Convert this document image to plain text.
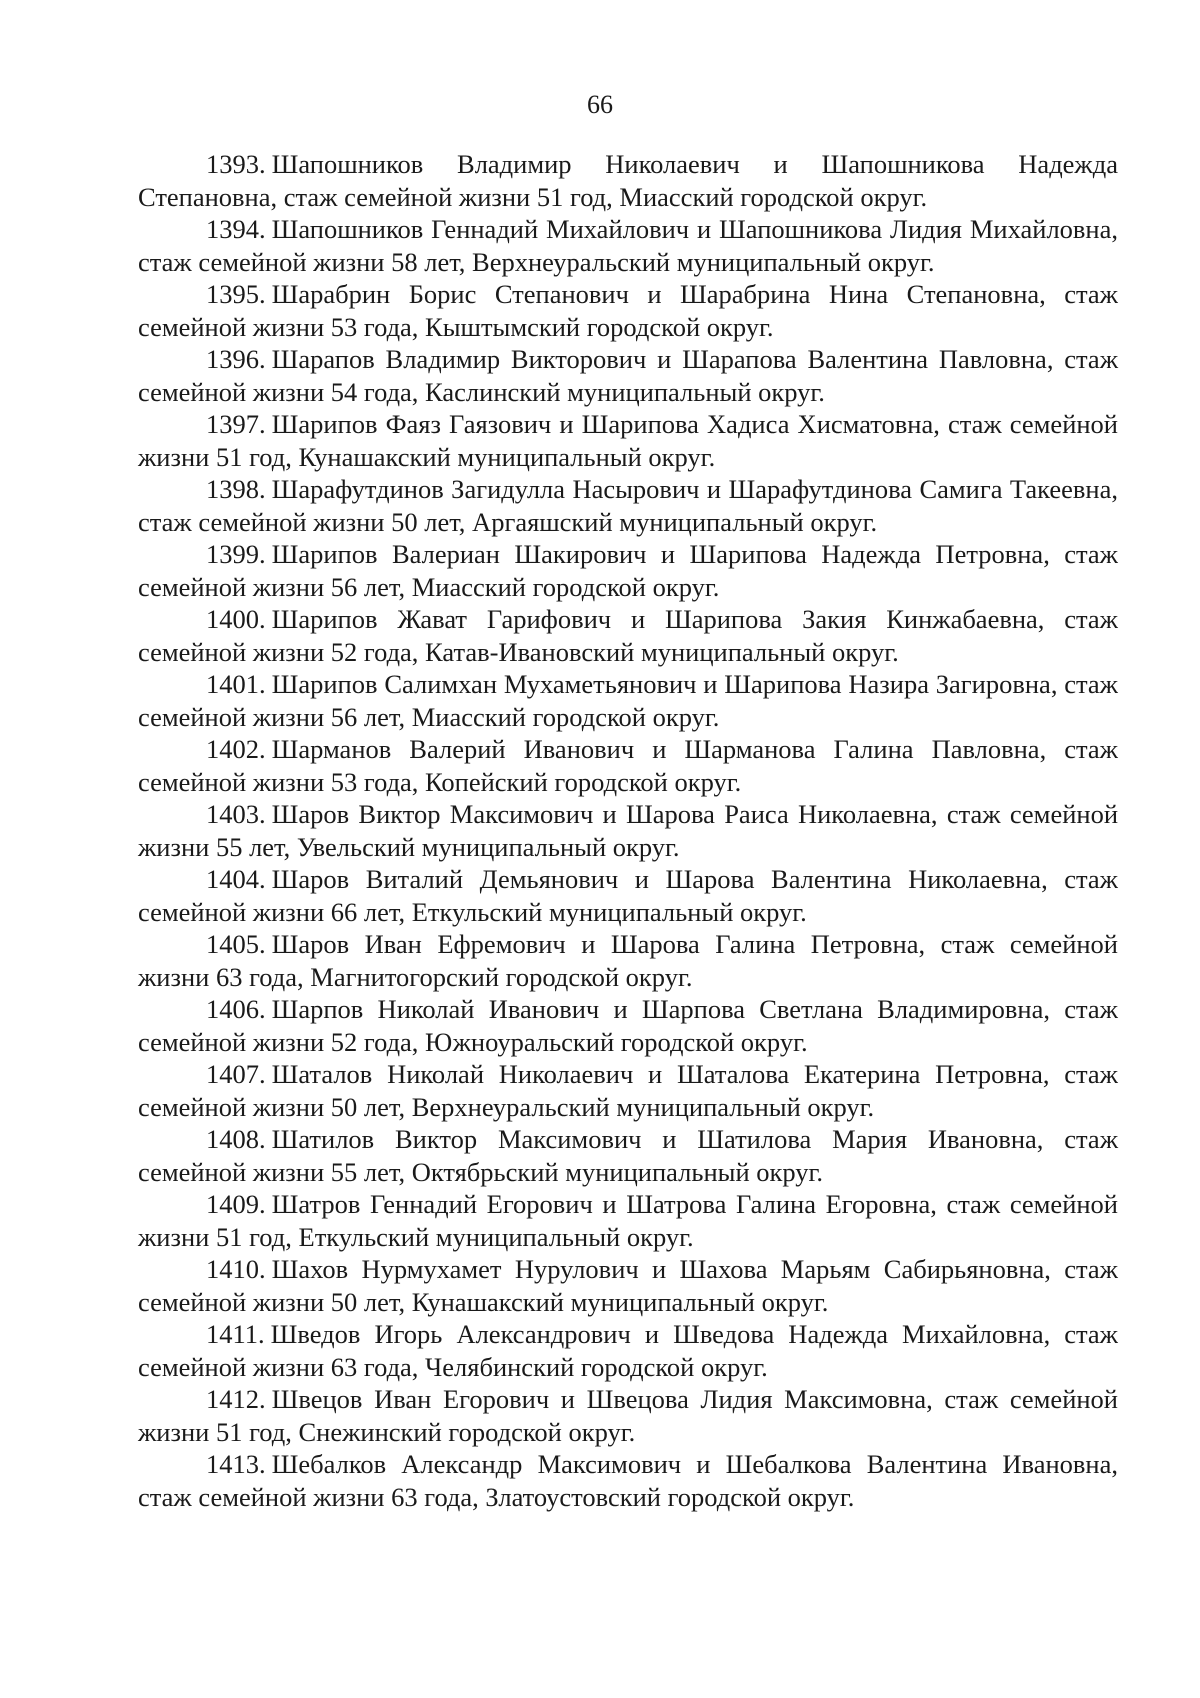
66

1393. Шапошников Владимир Николаевич и Шапошникова Надежда Степановна, стаж семейной жизни 51 год, Миасский городской округ.

1394. Шапошников Геннадий Михайлович и Шапошникова Лидия Михайловна, стаж семейной жизни 58 лет, Верхнеуральский муниципальный округ.

1395. Шарабрин Борис Степанович и Шарабрина Нина Степановна, стаж семейной жизни 53 года, Кыштымский городской округ.

1396. Шарапов Владимир Викторович и Шарапова Валентина Павловна, стаж семейной жизни 54 года, Каслинский муниципальный округ.

1397. Шарипов Фаяз Гаязович и Шарипова Хадиса Хисматовна, стаж семейной жизни 51 год, Кунашакский муниципальный округ.

1398. Шарафутдинов Загидулла Насырович и Шарафутдинова Самига Такеевна, стаж семейной жизни 50 лет, Аргаяшский муниципальный округ.

1399. Шарипов Валериан Шакирович и Шарипова Надежда Петровна, стаж семейной жизни 56 лет, Миасский городской округ.

1400. Шарипов Жават Гарифович и Шарипова Закия Кинжабаевна, стаж семейной жизни 52 года, Катав-Ивановский муниципальный округ.

1401. Шарипов Салимхан Мухаметьянович и Шарипова Назира Загировна, стаж семейной жизни 56 лет, Миасский городской округ.

1402. Шарманов Валерий Иванович и Шарманова Галина Павловна, стаж семейной жизни 53 года, Копейский городской округ.

1403. Шаров Виктор Максимович и Шарова Раиса Николаевна, стаж семейной жизни 55 лет, Увельский муниципальный округ.

1404. Шаров Виталий Демьянович и Шарова Валентина Николаевна, стаж семейной жизни 66 лет, Еткульский муниципальный округ.

1405. Шаров Иван Ефремович и Шарова Галина Петровна, стаж семейной жизни 63 года, Магнитогорский городской округ.

1406. Шарпов Николай Иванович и Шарпова Светлана Владимировна, стаж семейной жизни 52 года, Южноуральский городской округ.

1407. Шаталов Николай Николаевич и Шаталова Екатерина Петровна, стаж семейной жизни 50 лет, Верхнеуральский муниципальный округ.

1408. Шатилов Виктор Максимович и Шатилова Мария Ивановна, стаж семейной жизни 55 лет, Октябрьский муниципальный округ.

1409. Шатров Геннадий Егорович и Шатрова Галина Егоровна, стаж семейной жизни 51 год, Еткульский муниципальный округ.

1410. Шахов Нурмухамет Нурулович и Шахова Марьям Сабирьяновна, стаж семейной жизни 50 лет, Кунашакский муниципальный округ.

1411. Шведов Игорь Александрович и Шведова Надежда Михайловна, стаж семейной жизни 63 года, Челябинский городской округ.

1412. Швецов Иван Егорович и Швецова Лидия Максимовна, стаж семейной жизни 51 год, Снежинский городской округ.

1413. Шебалков Александр Максимович и Шебалкова Валентина Ивановна, стаж семейной жизни 63 года, Златоустовский городской округ.
